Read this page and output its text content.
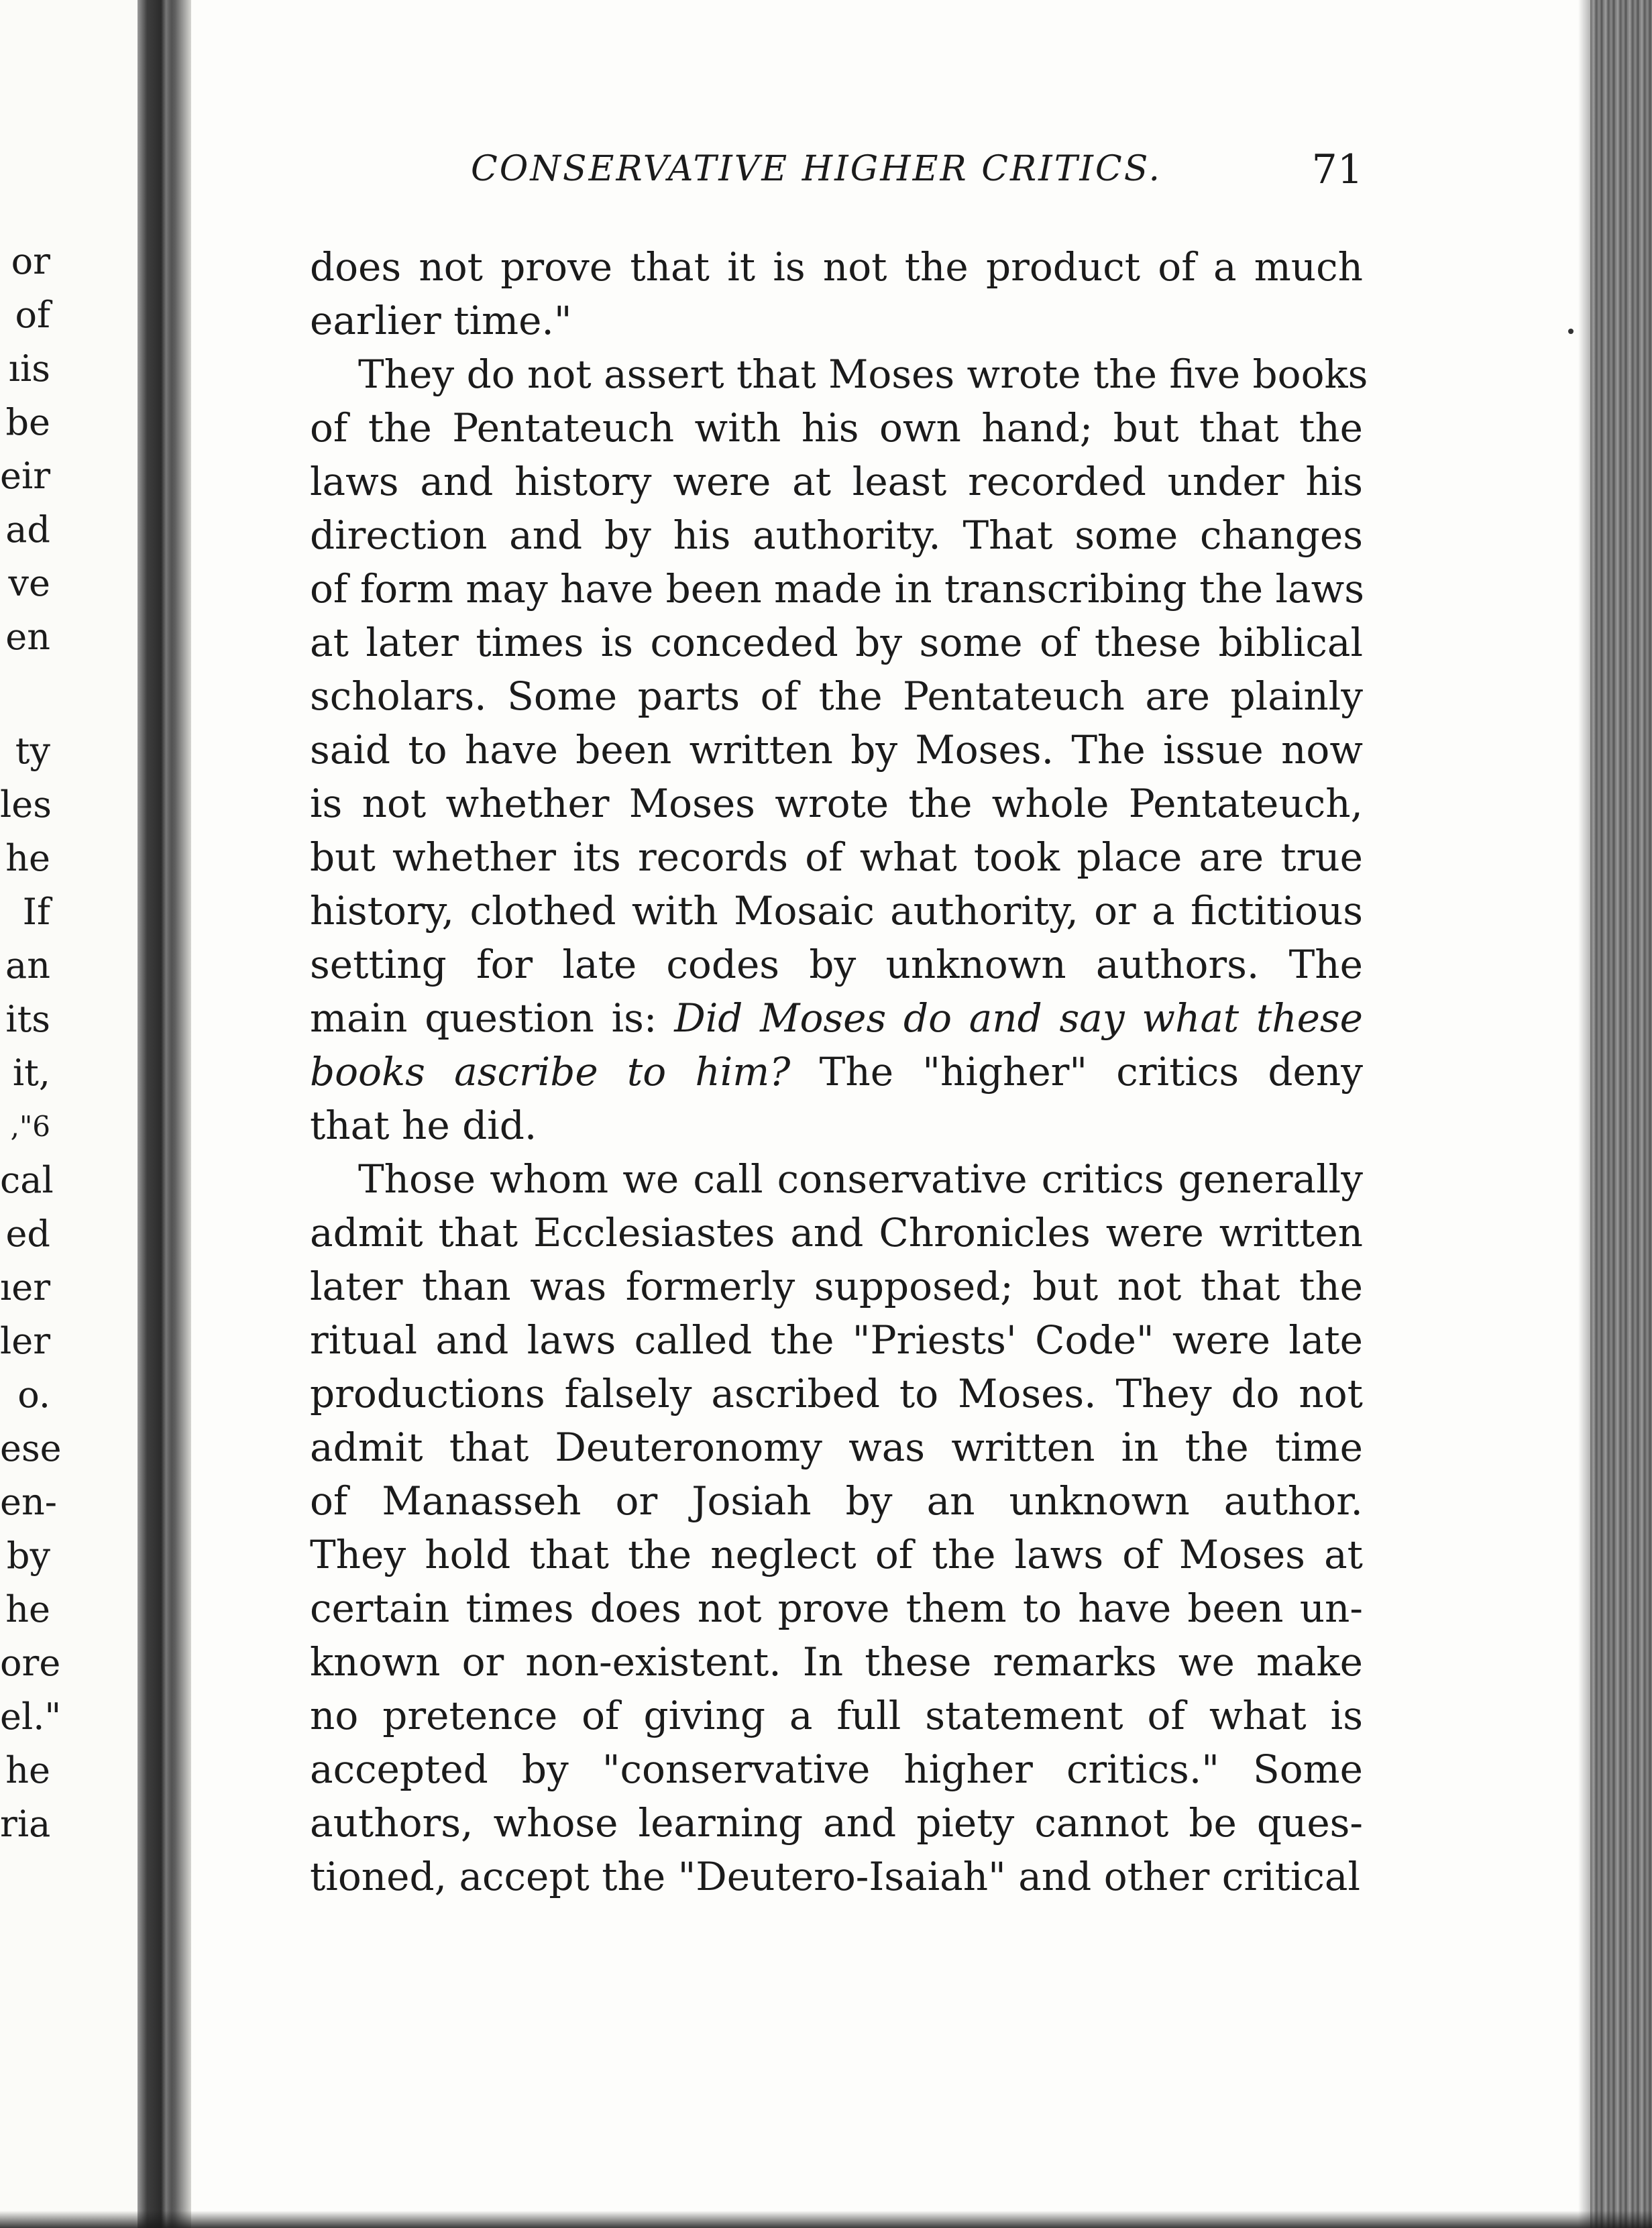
or
of
ıis
be
eir
ad
ve
en
ty
les
he
If
an
its
it,
,"6
cal
ed
ıer
ler
o.
ese
en-
by
he
ore
el."
he
ria
CONSERVATIVE HIGHER CRITICS.	71
does not prove that it is not the product of a much
earlier time."
They do not assert that Moses wrote the five books
of the Pentateuch with his own hand; but that the
laws and history were at least recorded under his
direction and by his authority. That some changes
of form may have been made in transcribing the laws
at later times is conceded by some of these biblical
scholars. Some parts of the Pentateuch are plainly
said to have been written by Moses. The issue now
is not whether Moses wrote the whole Pentateuch,
but whether its records of what took place are true
history, clothed with Mosaic authority, or a fictitious
setting for late codes by unknown authors. The
main question is: Did Moses do and say what these
books ascribe to him? The "higher" critics deny
that he did.
Those whom we call conservative critics generally
admit that Ecclesiastes and Chronicles were written
later than was formerly supposed; but not that the
ritual and laws called the "Priests' Code" were late
productions falsely ascribed to Moses. They do not
admit that Deuteronomy was written in the time
of Manasseh or Josiah by an unknown author.
They hold that the neglect of the laws of Moses at
certain times does not prove them to have been un-
known or non-existent. In these remarks we make
no pretence of giving a full statement of what is
accepted by "conservative higher critics." Some
authors, whose learning and piety cannot be ques-
tioned, accept the "Deutero-Isaiah" and other critical
